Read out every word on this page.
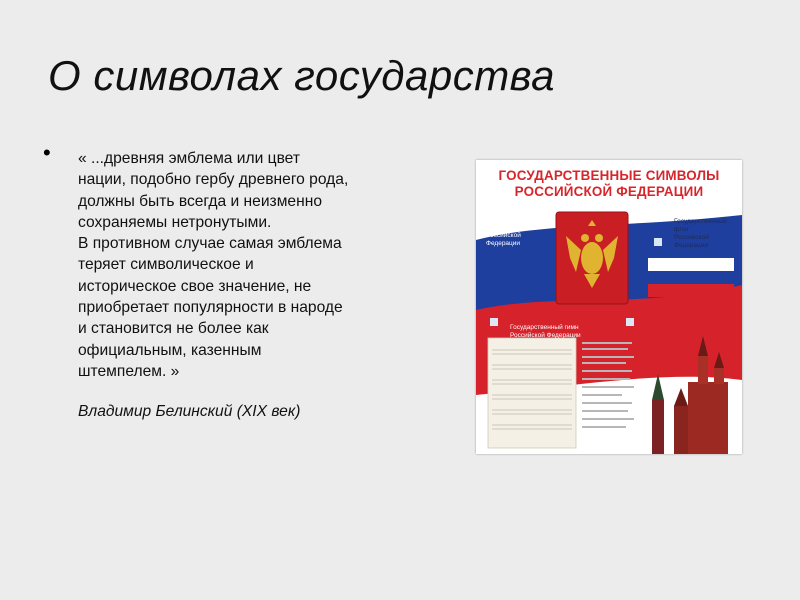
О символах государства
• « ...древняя эмблема или цвет
нации, подобно гербу древнего рода,
должны быть всегда и неизменно
сохраняемы нетронутыми.
В противном случае самая эмблема
теряет символическое и
историческое свое значение, не
приобретает популярности в народе
и становится не более как
официальным, казенным
штемпелем. »

Владимир Белинский (XIX век)

ГОСУДАРСТВЕННЫЕ СИМВОЛЫ
РОССИЙСКОЙ ФЕДЕРАЦИИ
Государственный
герб
Российской
Федерации
Государственный
флаг
Российской
Федерации
Государственный гимн
Российской Федерации
